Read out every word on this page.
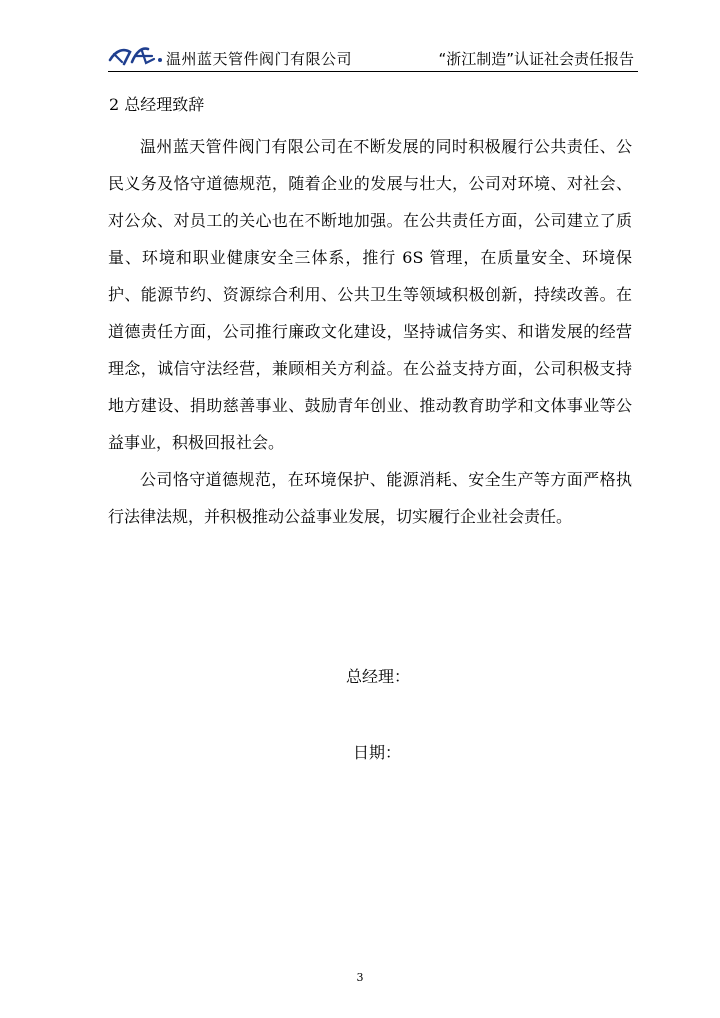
温州蓝天管件阀门有限公司	“浙江制造”认证社会责任报告
2 总经理致辞

温州蓝天管件阀门有限公司在不断发展的同时积极履行公共责任、公民义务及恪守道德规范，随着企业的发展与壮大，公司对环境、对社会、对公众、对员工的关心也在不断地加强。在公共责任方面，公司建立了质量、环境和职业健康安全三体系，推行 6S 管理，在质量安全、环境保护、能源节约、资源综合利用、公共卫生等领域积极创新，持续改善。在道德责任方面，公司推行廉政文化建设，坚持诚信务实、和谐发展的经营理念，诚信守法经营，兼顾相关方利益。在公益支持方面，公司积极支持地方建设、捐助慈善事业、鼓励青年创业、推动教育助学和文体事业等公益事业，积极回报社会。

公司恪守道德规范，在环境保护、能源消耗、安全生产等方面严格执行法律法规，并积极推动公益事业发展，切实履行企业社会责任。

总经理：
日期：
3
